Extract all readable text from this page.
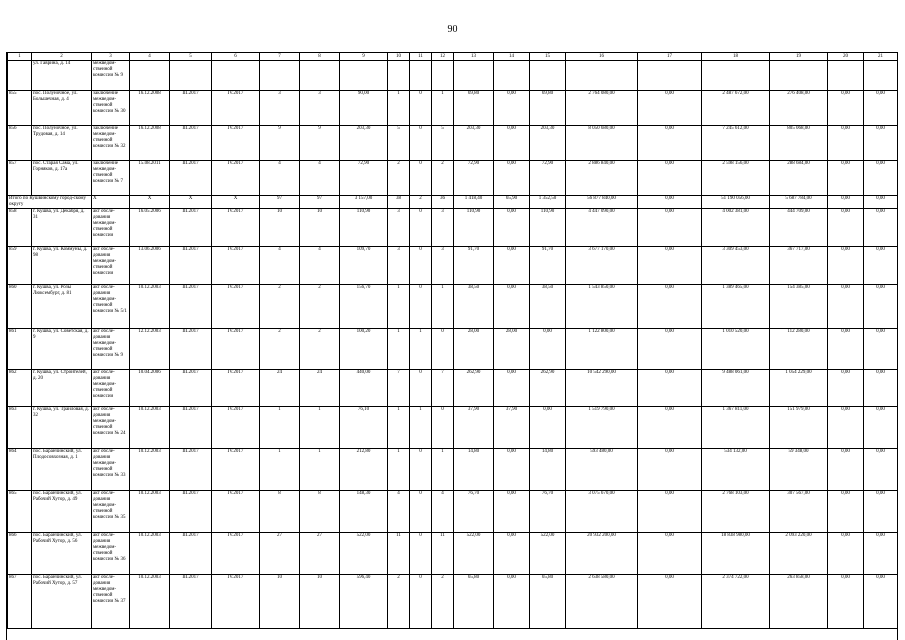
90
1	2	3	4	5	6	7	8	9	10	11	12	13	14	15	16	17	18	19	20	21
	ул. Гаврина, д. 14	межведом-ственной комиссии № 9																		
855	пос. Полуночное, ул. Большечная, д. 4	заключение межведом-ственной комиссии № 30	16.12.2008	III.2017	IV.2017	3	3	90,00	1	0	1	69,80	0,00	69,80	2 764 080,00	0,00	2 487 672,00	276 408,00	0,00	0,00
856	пос. Полуночное, ул. Трудовая, д. 14	заключение межведом-ственной комиссии № 32	16.12.2008	III.2017	IV.2017	9	9	203,30	5	0	5	203,30	0,00	203,30	8 050 680,00	0,00	7 245 612,00	805 068,00	0,00	0,00
857	пос. Старая Сама, ул. Горняков, д. 17а	заключение межведом-ственной комиссии № 7	15.08.2011	III.2017	IV.2017	4	4	72,90	2	0	2	72,90	0,00	72,90	2 886 840,00	0,00	2 598 156,00	288 684,00	0,00	0,00
Итого по Кушвинскому город-скому округу		X	X	X	X	97	97	3 157,00	38	2	36	1 418,40	65,90	1 352,50	56 877 840,00	0,00	51 190 056,00	5 687 784,00	0,00	0,00
858	г. Кушва, ул. Декабря, д. 31	акт обсле-дования межведом-ственной комиссии	16.05.2006	III.2017	IV.2017	10	10	110,90	3	0	3	110,90	0,00	110,90	4 447 090,00	0,00	4 002 381,00	444 709,00	0,00	0,00
859	г. Кушва, ул. Коммуны, д. 98	акт обсле-дования межведом-ственной комиссии	13.06.2006	III.2017	IV.2017	4	4	109,70	3	0	3	91,70	0,00	91,70	3 677 170,00	0,00	3 309 453,00	367 717,00	0,00	0,00
860	г. Кушва, ул. Розы Люксембург, д. 81	акт обсле-дования межведом-ственной комиссии № 5/1	10.12.2003	III.2017	IV.2017	2	2	156,70	1	0	1	38,50	0,00	38,50	1 543 850,00	0,00	1 389 465,00	154 385,00	0,00	0,00
861	г. Кушва, ул. Советская, д. 9	акт обсле-дования межведом-ственной комиссии № 9	12.12.2003	III.2017	IV.2017	2	2	100,20	1	1	0	28,00	28,00	0,00	1 122 800,00	0,00	1 010 520,00	112 280,00	0,00	0,00
862	г. Кушва, ул. Строителей, д. 20	акт обсле-дования межведом-ственной комиссии	10.04.2006	III.2017	IV.2017	24	24	440,00	7	0	7	262,90	0,00	262,90	10 542 290,00	0,00	9 488 061,00	1 054 229,00	0,00	0,00
863	г. Кушва, ул. Траиловая, д. 32	акт обсле-дования межведом-ственной комиссии № 24	10.12.2003	III.2017	IV.2017	1	1	76,10	1	1	0	37,90	37,90	0,00	1 519 790,00	0,00	1 367 811,00	151 979,00	0,00	0,00
864	пос. Баранчинский, ул. Плодосовхозная, д. 1	акт обсле-дования межведом-ственной комиссии № 33	10.12.2003	III.2017	IV.2017	1	1	212,80	1	0	1	14,80	0,00	14,80	593 480,00	0,00	534 132,00	59 348,00	0,00	0,00
865	пос. Баранчинский, ул. Рабочий Хутор, д. 49	акт обсле-дования межведом-ственной комиссии № 35	10.12.2003	III.2017	IV.2017	8	8	148,30	4	0	4	76,70	0,00	76,70	3 075 670,00	0,00	2 768 103,00	307 567,00	0,00	0,00
866	пос. Баранчинский, ул. Рабочий Хутор, д. 56	акт обсле-дования межведом-ственной комиссии № 36	10.12.2003	III.2017	IV.2017	27	27	522,00	11	0	11	522,00	0,00	522,00	20 932 200,00	0,00	18 838 980,00	2 093 220,00	0,00	0,00
867	пос. Баранчинский, ул. Рабочий Хутор, д. 57	акт обсле-дования межведом-ственной комиссии № 37	10.12.2003	III.2017	IV.2017	10	10	596,40	2	0	2	65,80	0,00	65,80	2 638 580,00	0,00	2 374 722,00	263 858,00	0,00	0,00
